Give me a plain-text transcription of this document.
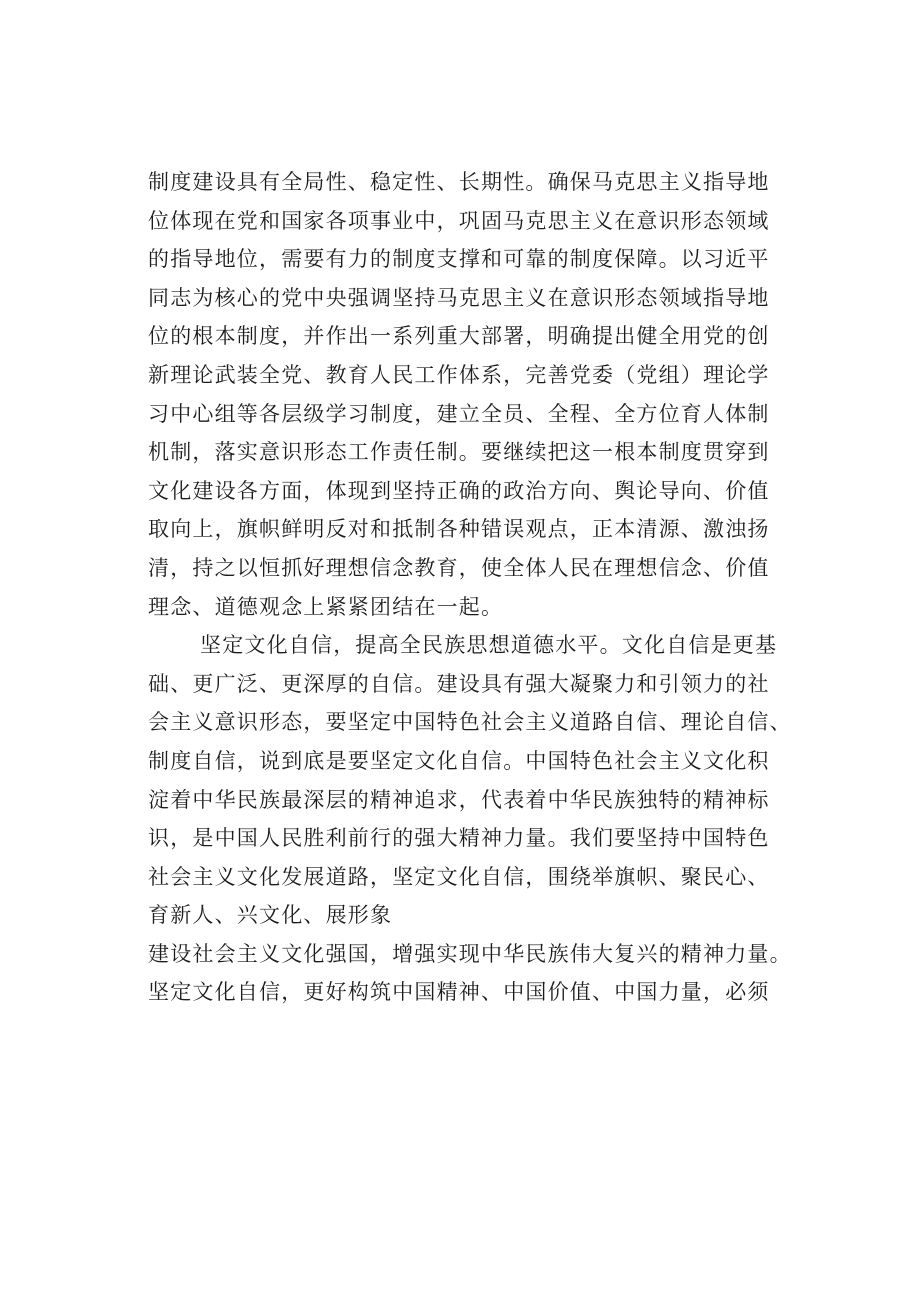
制度建设具有全局性、稳定性、长期性。确保马克思主义指导地
位体现在党和国家各项事业中，巩固马克思主义在意识形态领域
的指导地位，需要有力的制度支撑和可靠的制度保障。以习近平
同志为核心的党中央强调坚持马克思主义在意识形态领域指导地
位的根本制度，并作出一系列重大部署，明确提出健全用党的创
新理论武装全党、教育人民工作体系，完善党委（党组）理论学
习中心组等各层级学习制度，建立全员、全程、全方位育人体制
机制，落实意识形态工作责任制。要继续把这一根本制度贯穿到
文化建设各方面，体现到坚持正确的政治方向、舆论导向、价值
取向上，旗帜鲜明反对和抵制各种错误观点，正本清源、激浊扬
清，持之以恒抓好理想信念教育，使全体人民在理想信念、价值
理念、道德观念上紧紧团结在一起。
坚定文化自信，提高全民族思想道德水平。文化自信是更基
础、更广泛、更深厚的自信。建设具有强大凝聚力和引领力的社
会主义意识形态，要坚定中国特色社会主义道路自信、理论自信、
制度自信，说到底是要坚定文化自信。中国特色社会主义文化积
淀着中华民族最深层的精神追求，代表着中华民族独特的精神标
识，是中国人民胜利前行的强大精神力量。我们要坚持中国特色
社会主义文化发展道路，坚定文化自信，围绕举旗帜、聚民心、
育新人、兴文化、展形象
建设社会主义文化强国，增强实现中华民族伟大复兴的精神力量。
坚定文化自信，更好构筑中国精神、中国价值、中国力量，必须
